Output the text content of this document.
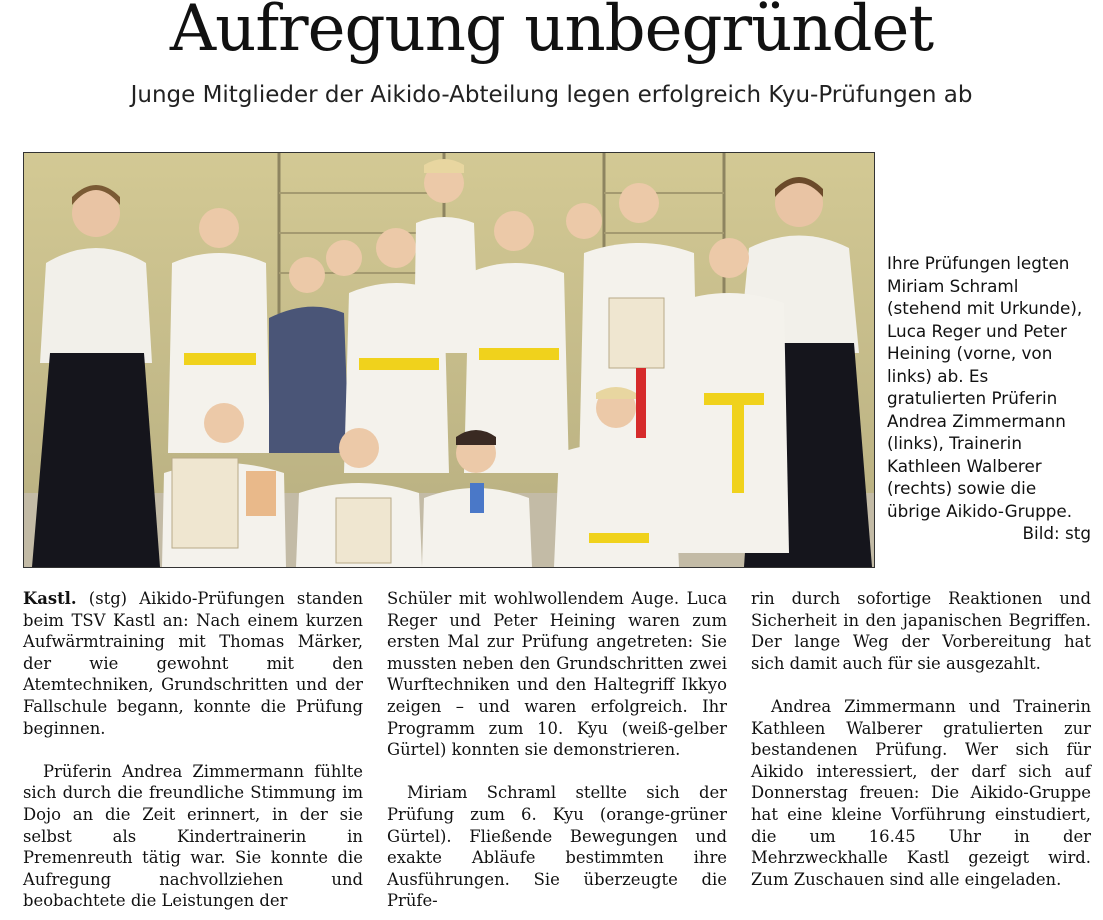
Aufregung unbegründet
Junge Mitglieder der Aikido-Abteilung legen erfolgreich Kyu-Prüfungen ab

Ihre Prüfungen legten Miriam Schraml (stehend mit Urkunde), Luca Reger und Peter Heining (vorne, von links) ab. Es gratulierten Prüferin Andrea Zimmermann (links), Trainerin Kathleen Walberer (rechts) sowie die übrige Aikido-Gruppe.

Bild: stg

Kastl. (stg) Aikido-Prüfungen standen beim TSV Kastl an: Nach einem kurzen Aufwärmtraining mit Thomas Märker, der wie gewohnt mit den Atemtechniken, Grundschritten und der Fallschule begann, konnte die Prüfung beginnen.

Prüferin Andrea Zimmermann fühlte sich durch die freundliche Stimmung im Dojo an die Zeit erinnert, in der sie selbst als Kindertrainerin in Premenreuth tätig war. Sie konnte die Aufregung nachvollziehen und beobachtete die Leistungen der

Schüler mit wohlwollendem Auge. Luca Reger und Peter Heining waren zum ersten Mal zur Prüfung angetreten: Sie mussten neben den Grundschritten zwei Wurftechniken und den Haltegriff Ikkyo zeigen – und waren erfolgreich. Ihr Programm zum 10. Kyu (weiß-gelber Gürtel) konnten sie demonstrieren.

Miriam Schraml stellte sich der Prüfung zum 6. Kyu (orange-grüner Gürtel). Fließende Bewegungen und exakte Abläufe bestimmten ihre Ausführungen. Sie überzeugte die Prüfe-

rin durch sofortige Reaktionen und Sicherheit in den japanischen Begriffen. Der lange Weg der Vorbereitung hat sich damit auch für sie ausgezahlt.

Andrea Zimmermann und Trainerin Kathleen Walberer gratulierten zur bestandenen Prüfung. Wer sich für Aikido interessiert, der darf sich auf Donnerstag freuen: Die Aikido-Gruppe hat eine kleine Vorführung einstudiert, die um 16.45 Uhr in der Mehrzweckhalle Kastl gezeigt wird. Zum Zuschauen sind alle eingeladen.
